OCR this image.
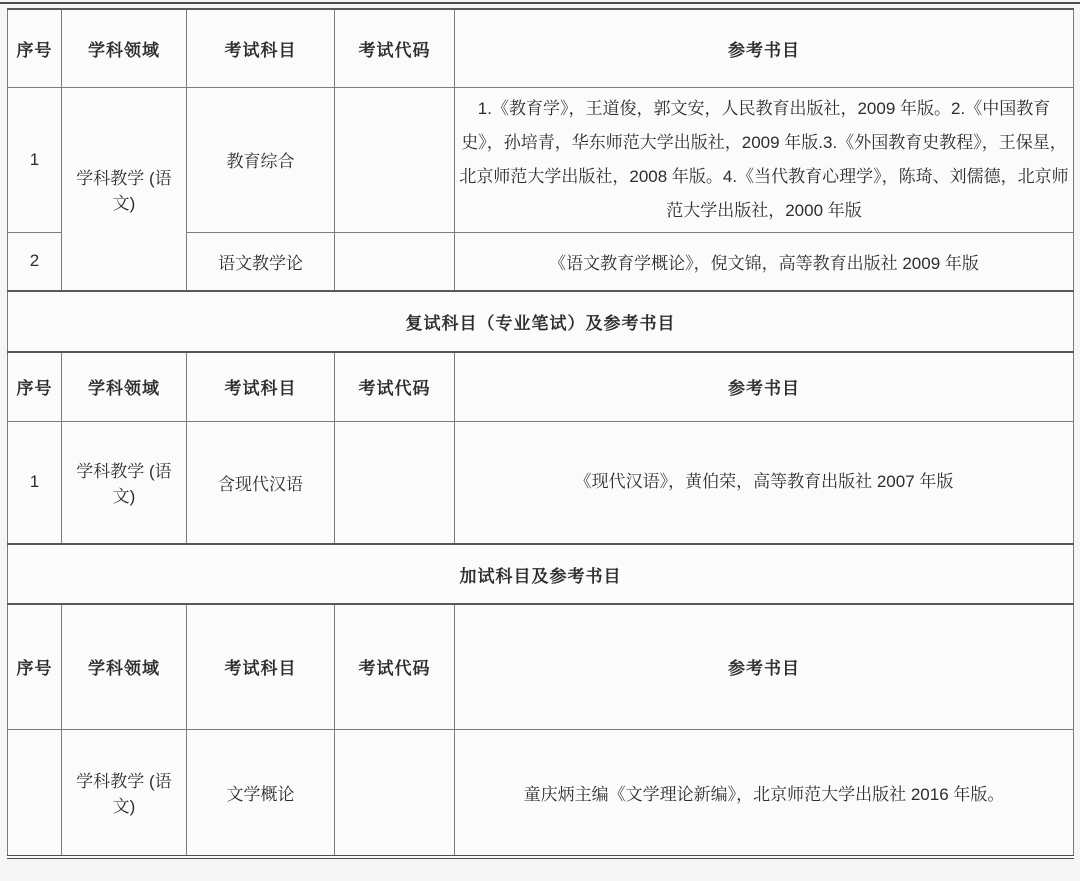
序号	学科领域	考试科目	考试代码	参考书目
1	学科教学 (语文)	教育综合		1.《教育学》，王道俊，郭文安，人民教育出版社，2009 年版。2.《中国教育史》，孙培青，华东师范大学出版社，2009 年版.3.《外国教育史教程》，王保星，北京师范大学出版社，2008 年版。4.《当代教育心理学》，陈琦、刘儒德，北京师范大学出版社，2000 年版
2		语文教学论		《语文教育学概论》，倪文锦，高等教育出版社 2009 年版
复试科目（专业笔试）及参考书目				
序号	学科领域	考试科目	考试代码	参考书目
1	学科教学 (语文)	含现代汉语		《现代汉语》，黄伯荣，高等教育出版社 2007 年版
加试科目及参考书目				
序号	学科领域	考试科目	考试代码	参考书目
	学科教学 (语文)	文学概论		童庆炳主编《文学理论新编》，北京师范大学出版社 2016 年版。
